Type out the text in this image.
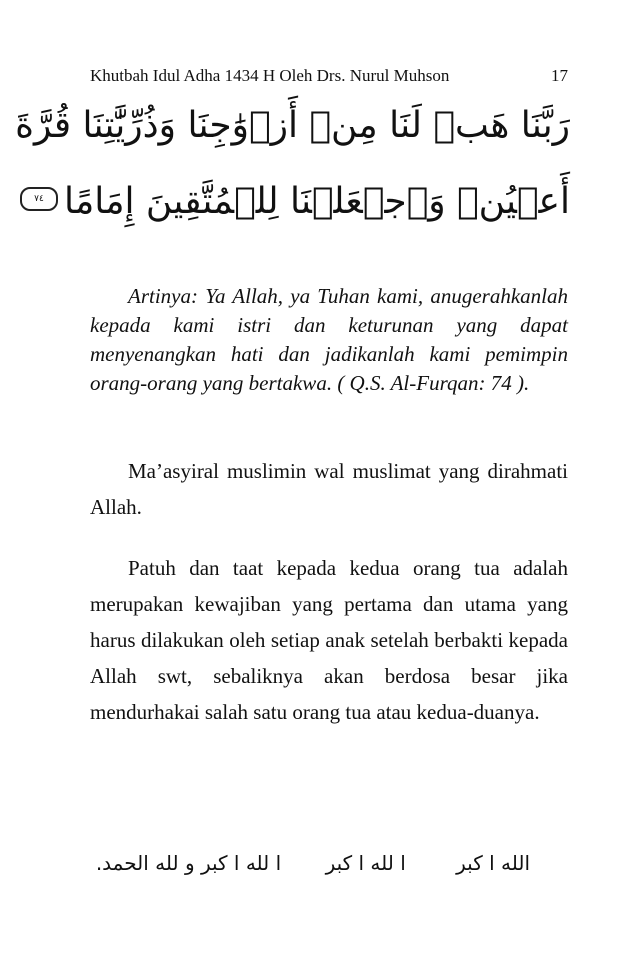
Khutbah Idul Adha 1434 H Oleh Drs. Nurul Muhson	17
رَبَّنَا هَبۡ لَنَا مِنۡ أَزۡوَٰجِنَا وَذُرِّيَّٰتِنَا قُرَّةَ
أَعۡيُنٖ وَٱجۡعَلۡنَا لِلۡمُتَّقِينَ إِمَامًا
٧٤

Artinya: Ya Allah, ya Tuhan kami, anugerahkanlah kepada kami istri dan keturunan yang dapat menyenangkan hati dan jadikanlah kami pemimpin orang-orang yang bertakwa. ( Q.S. Al-Furqan: 74 ).

Ma’asyiral muslimin wal muslimat yang dirahmati Allah.

Patuh dan taat kepada kedua orang tua adalah merupakan kewajiban yang pertama dan utama yang harus dilakukan oleh setiap anak setelah berbakti kepada Allah swt, sebaliknya akan berdosa besar jika mendurhakai salah satu orang tua atau kedua-duanya.

الله ا كبر ا لله ا كبر ا لله ا كبر و لله الحمد.
